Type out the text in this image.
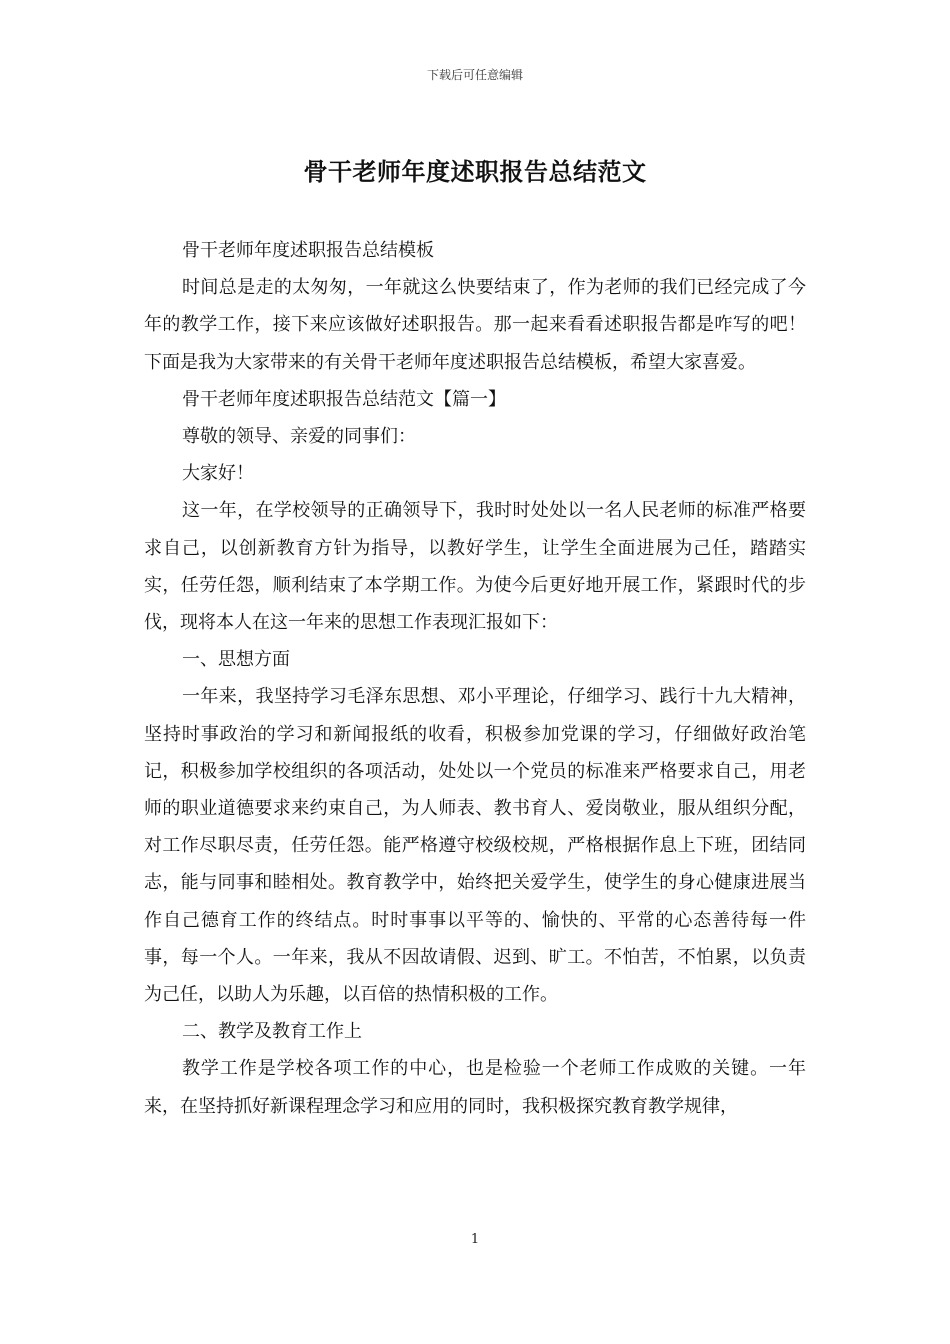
下载后可任意编辑
骨干老师年度述职报告总结范文

骨干老师年度述职报告总结模板

时间总是走的太匆匆，一年就这么快要结束了，作为老师的我们已经完成了今年的教学工作，接下来应该做好述职报告。那一起来看看述职报告都是咋写的吧！下面是我为大家带来的有关骨干老师年度述职报告总结模板，希望大家喜爱。

骨干老师年度述职报告总结范文【篇一】

尊敬的领导、亲爱的同事们：

大家好！

这一年，在学校领导的正确领导下，我时时处处以一名人民老师的标准严格要求自己，以创新教育方针为指导，以教好学生，让学生全面进展为己任，踏踏实实，任劳任怨，顺利结束了本学期工作。为使今后更好地开展工作，紧跟时代的步伐，现将本人在这一年来的思想工作表现汇报如下：

一、思想方面

一年来，我坚持学习毛泽东思想、邓小平理论，仔细学习、践行十九大精神，坚持时事政治的学习和新闻报纸的收看，积极参加党课的学习，仔细做好政治笔记，积极参加学校组织的各项活动，处处以一个党员的标准来严格要求自己，用老师的职业道德要求来约束自己，为人师表、教书育人、爱岗敬业，服从组织分配，对工作尽职尽责，任劳任怨。能严格遵守校级校规，严格根据作息上下班，团结同志，能与同事和睦相处。教育教学中，始终把关爱学生，使学生的身心健康进展当作自己德育工作的终结点。时时事事以平等的、愉快的、平常的心态善待每一件事，每一个人。一年来，我从不因故请假、迟到、旷工。不怕苦，不怕累，以负责为己任，以助人为乐趣，以百倍的热情积极的工作。

二、教学及教育工作上

教学工作是学校各项工作的中心，也是检验一个老师工作成败的关键。一年来，在坚持抓好新课程理念学习和应用的同时，我积极探究教育教学规律，

1
